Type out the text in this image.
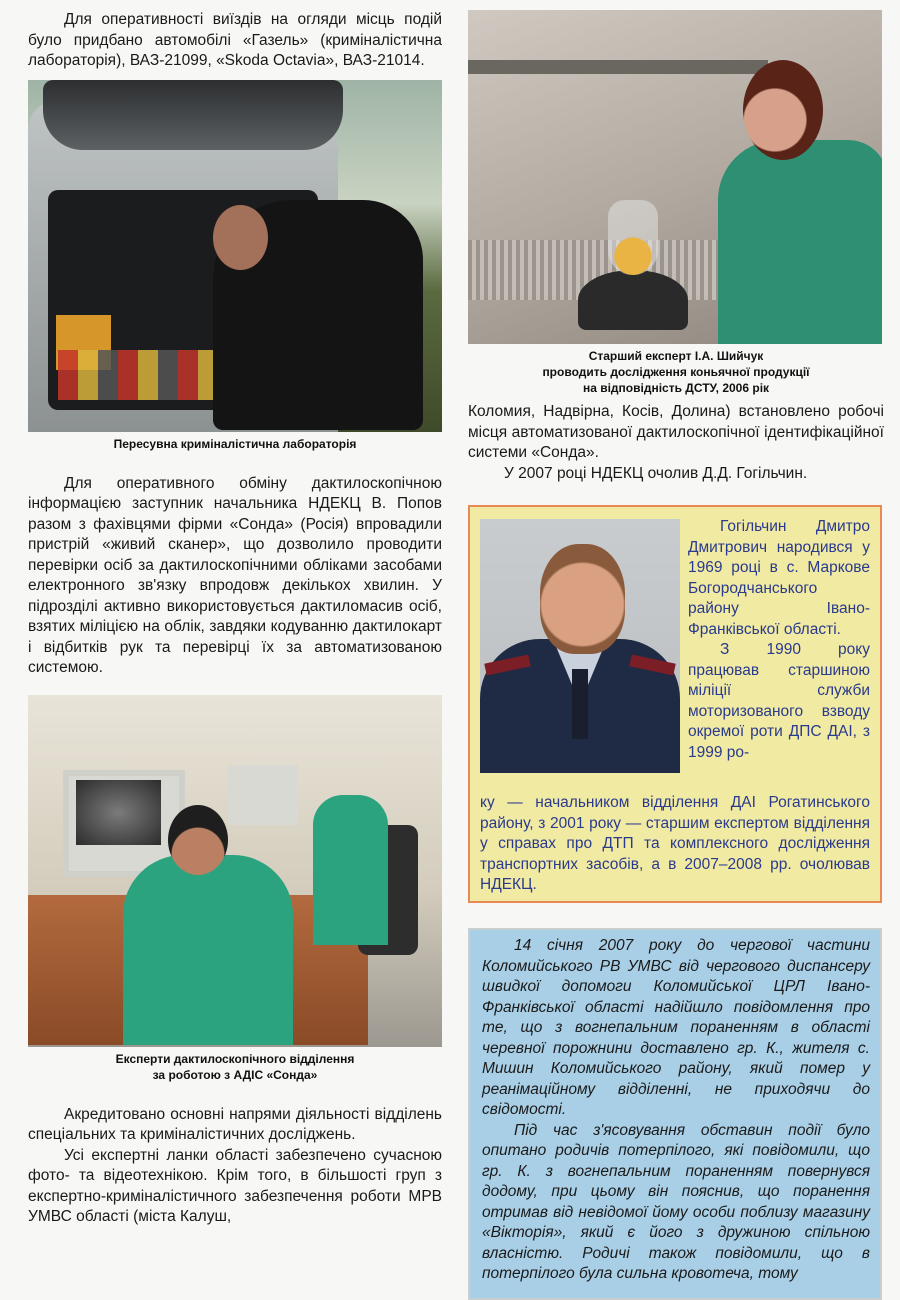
Для оперативності виїздів на огляди місць подій було придбано автомобілі «Газель» (криміналістична лабораторія), ВАЗ-21099, «Skoda Octavia», ВАЗ-21014.

Пересувна криміналістична лабораторія

Для оперативного обміну дактилоскопічною інформацією заступник начальника НДЕКЦ В. Попов разом з фахівцями фірми «Сонда» (Росія) впровадили пристрій «живий сканер», що дозволило проводити перевірки осіб за дактилоскопічними обліками засобами електронного зв'язку впродовж декількох хвилин. У підрозділі активно використовується дактиломасив осіб, взятих міліцією на облік, завдяки кодуванню дактилокарт і відбитків рук та перевірці їх за автоматизованою системою.

Експерти дактилоскопічного відділення
за роботою з АДІС «Сонда»

Акредитовано основні напрями діяльності відділень спеціальних та криміналістичних досліджень.

Усі експертні ланки області забезпечено сучасною фото- та відеотехнікою. Крім того, в більшості груп з експертно-криміналістичного забезпечення роботи МРВ УМВС області (міста Калуш,

Старший експерт І.А. Шийчук
проводить дослідження коньячної продукції
на відповідність ДСТУ, 2006 рік

Коломия, Надвірна, Косів, Долина) встановлено робочі місця автоматизованої дактилоскопічної ідентифікаційної системи «Сонда».

У 2007 році НДЕКЦ очолив Д.Д. Гогільчин.

Гогільчин Дмитро Дмитрович народився у 1969 році в с. Маркове Богородчанського району Івано-Франківської області.

З 1990 року працював старшиною міліції служби моторизованого взводу окремої роти ДПС ДАІ, з 1999 ро-

ку — начальником відділення ДАІ Рогатинського району, з 2001 року — старшим експертом відділення у справах про ДТП та комплексного дослідження транспортних засобів, а в 2007–2008 рр. очолював НДЕКЦ.

14 січня 2007 року до чергової частини Коломийського РВ УМВС від чергового диспансеру швидкої допомоги Коломийської ЦРЛ Івано-Франківської області надійшло повідомлення про те, що з вогнепальним пораненням в області черевної порожнини доставлено гр. К., жителя с. Мишин Коломийського району, який помер у реанімаційному відділенні, не приходячи до свідомості.

Під час з'ясовування обставин події було опитано родичів потерпілого, які повідомили, що гр. К. з вогнепальним пораненням повернувся додому, при цьому він пояснив, що поранення отримав від невідомої йому особи поблизу магазину «Вікторія», який є його з дружиною спільною власністю. Родичі також повідомили, що в потерпілого була сильна кровотеча, тому
